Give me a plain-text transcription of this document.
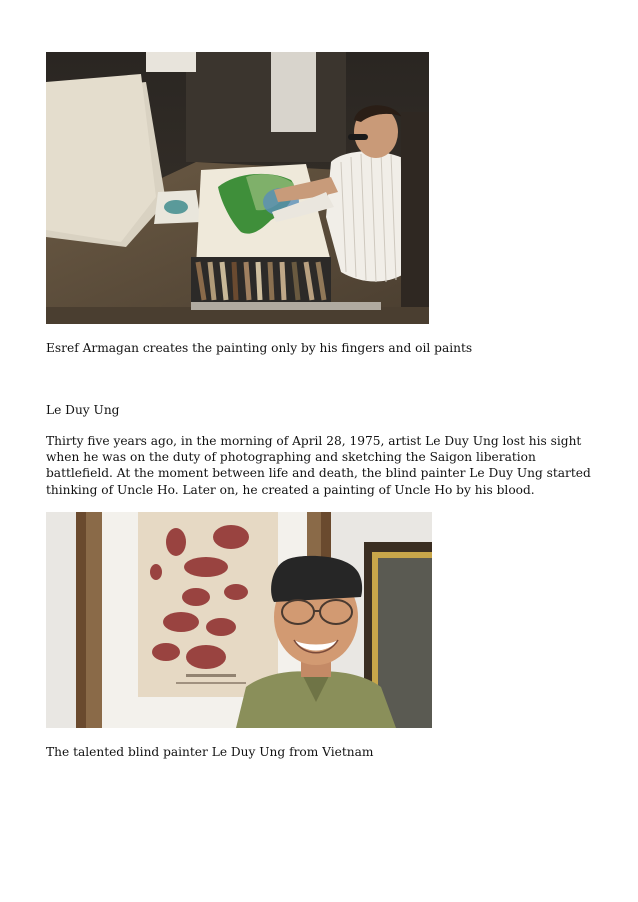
Esref Armagan creates the painting only by his fingers and oil paints

Le Duy Ung

Thirty five years ago, in the morning of April 28, 1975, artist Le Duy Ung lost his sight when he was on the duty of photographing and sketching the Saigon liberation battlefield. At the moment between life and death, the blind painter Le Duy Ung started thinking of Uncle Ho. Later on, he created a painting of Uncle Ho by his blood.

The talented blind painter Le Duy Ung from Vietnam
